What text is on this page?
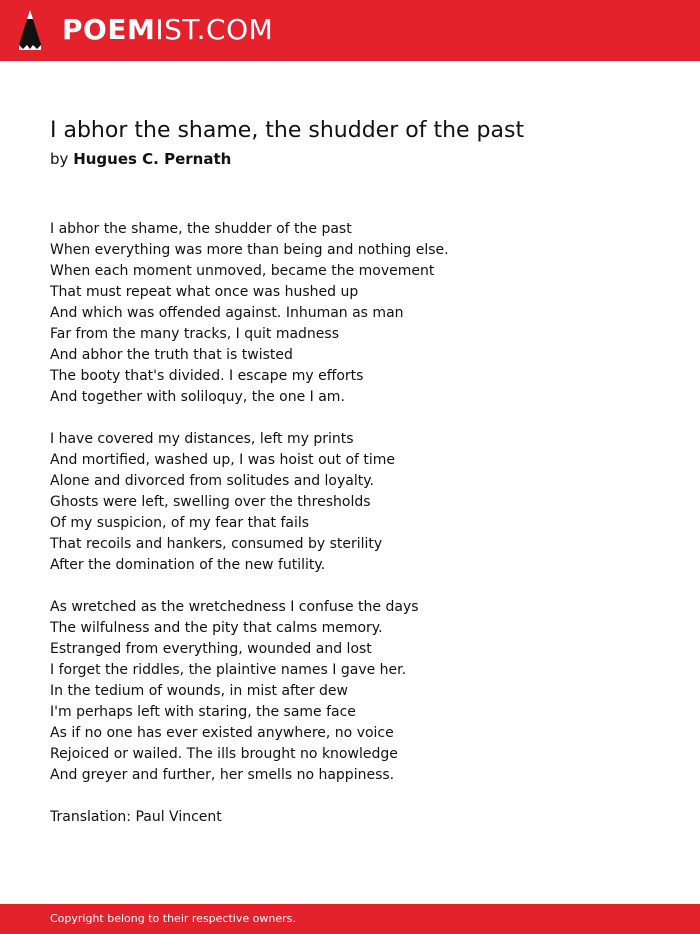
POEMIST.COM
I abhor the shame, the shudder of the past
by Hugues C. Pernath
I abhor the shame, the shudder of the past
When everything was more than being and nothing else.
When each moment unmoved, became the movement
That must repeat what once was hushed up
And which was offended against. Inhuman as man
Far from the many tracks, I quit madness
And abhor the truth that is twisted
The booty that's divided. I escape my efforts
And together with soliloquy, the one I am.
I have covered my distances, left my prints
And mortified, washed up, I was hoist out of time
Alone and divorced from solitudes and loyalty.
Ghosts were left, swelling over the thresholds
Of my suspicion, of my fear that fails
That recoils and hankers, consumed by sterility
After the domination of the new futility.
As wretched as the wretchedness I confuse the days
The wilfulness and the pity that calms memory.
Estranged from everything, wounded and lost
I forget the riddles, the plaintive names I gave her.
In the tedium of wounds, in mist after dew
I'm perhaps left with staring, the same face
As if no one has ever existed anywhere, no voice
Rejoiced or wailed. The ills brought no knowledge
And greyer and further, her smells no happiness.
Translation: Paul Vincent
Copyright belong to their respective owners.
